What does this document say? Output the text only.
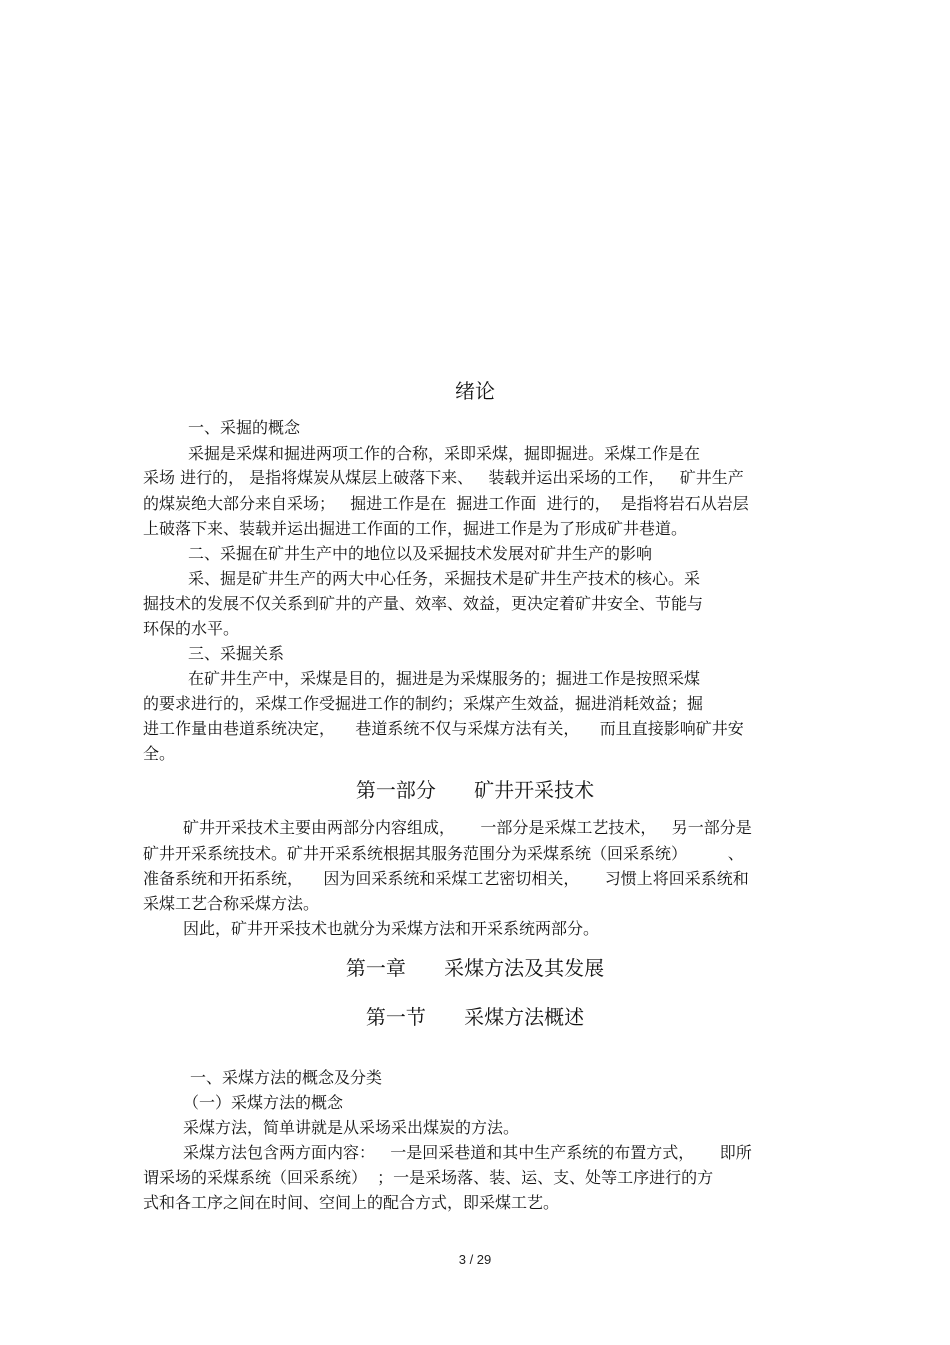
绪论
一、采掘的概念
采掘是采煤和掘进两项工作的合称，采即采煤，掘即掘进。采煤工作是在
采场 进行的， 是指将煤炭从煤层上破落下来、   装载并运出采场的工作，   矿井生产
的煤炭绝大部分来自采场；   掘进工作是在  掘进工作面  进行的，  是指将岩石从岩层
上破落下来、装载并运出掘进工作面的工作，掘进工作是为了形成矿井巷道。
二、采掘在矿井生产中的地位以及采掘技术发展对矿井生产的影响
采、掘是矿井生产的两大中心任务，采掘技术是矿井生产技术的核心。采
掘技术的发展不仅关系到矿井的产量、效率、效益，更决定着矿井安全、节能与
环保的水平。
三、采掘关系
在矿井生产中，采煤是目的，掘进是为采煤服务的；掘进工作是按照采煤
的要求进行的，采煤工作受掘进工作的制约；采煤产生效益，掘进消耗效益；掘
进工作量由巷道系统决定，    巷道系统不仅与采煤方法有关，    而且直接影响矿井安
全。
第一部分      矿井开采技术
矿井开采技术主要由两部分内容组成，     一部分是采煤工艺技术，   另一部分是
矿井开采系统技术。矿井开采系统根据其服务范围分为采煤系统（回采系统）        、
准备系统和开拓系统，    因为回采系统和采煤工艺密切相关，     习惯上将回采系统和
采煤工艺合称采煤方法。
因此，矿井开采技术也就分为采煤方法和开采系统两部分。
第一章      采煤方法及其发展
第一节      采煤方法概述
一、采煤方法的概念及分类
（一）采煤方法的概念
采煤方法，简单讲就是从采场采出煤炭的方法。
采煤方法包含两方面内容：   一是回采巷道和其中生产系统的布置方式，     即所
谓采场的采煤系统（回采系统）  ；一是采场落、装、运、支、处等工序进行的方
式和各工序之间在时间、空间上的配合方式，即采煤工艺。
3 / 29
